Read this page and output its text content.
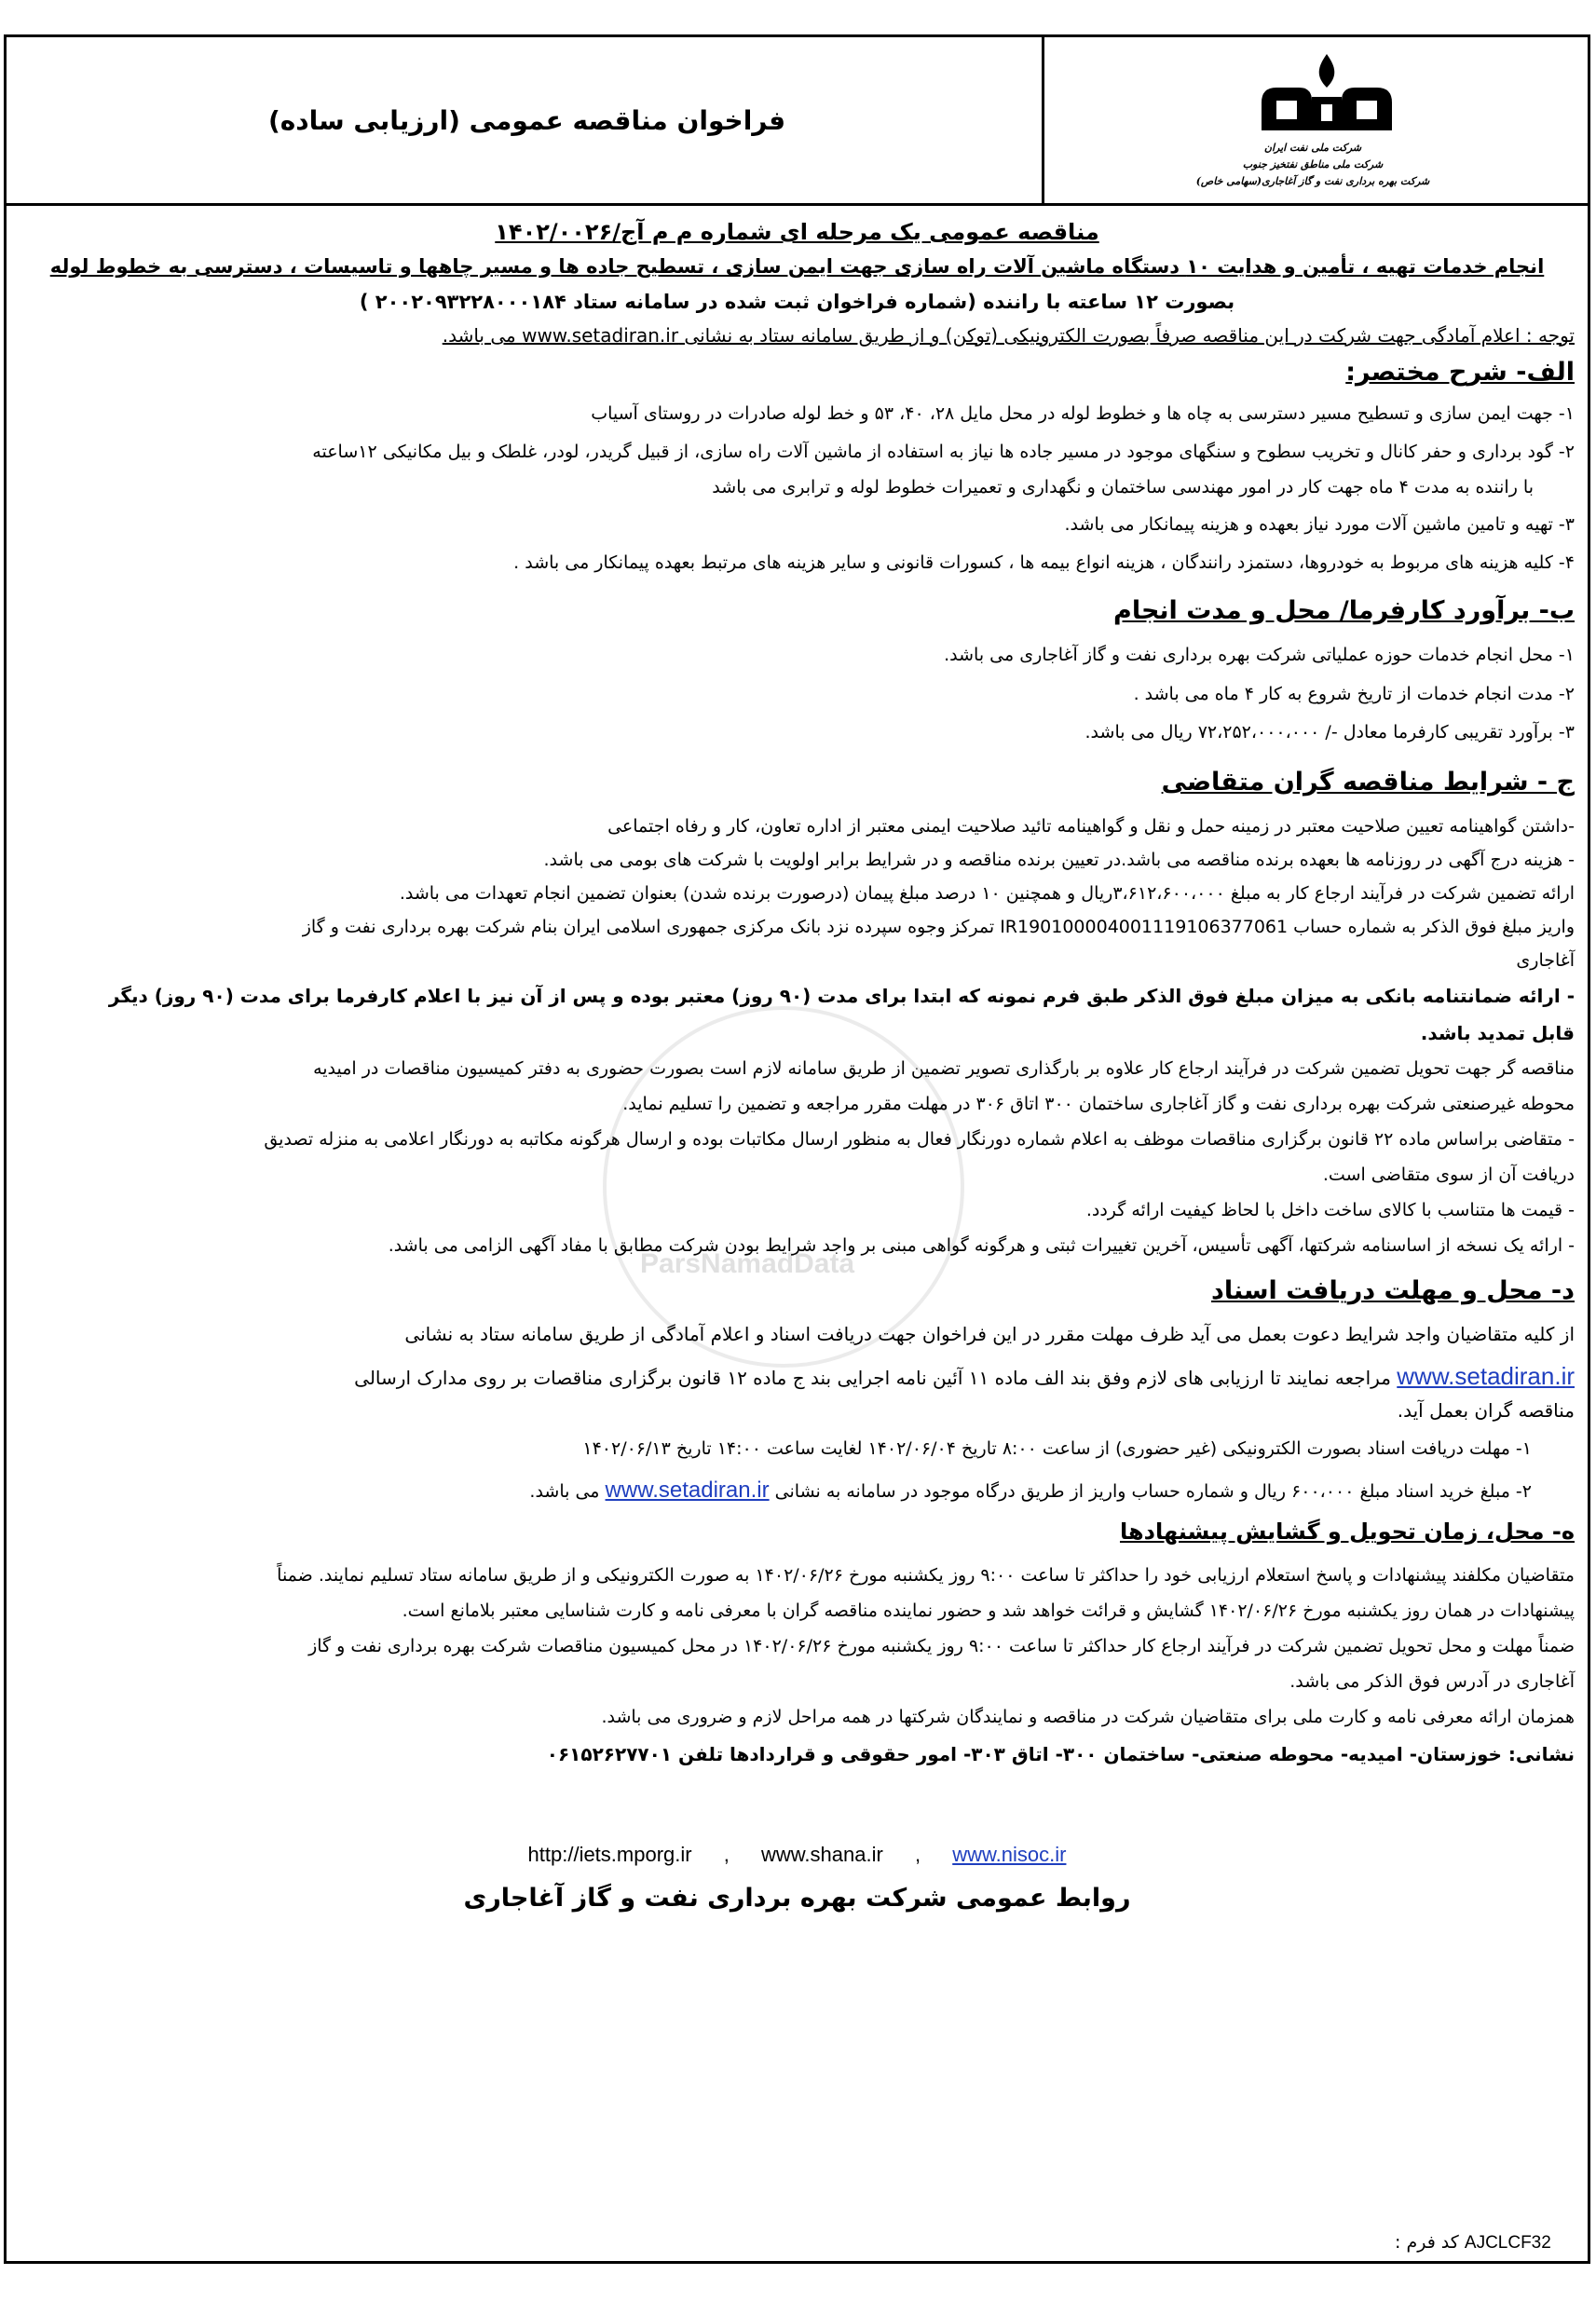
شرکت ملی نفت ایران
شرکت ملی مناطق نفتخیز جنوب
شرکت بهره برداری نفت و گاز آغاجاری(سهامی خاص)
فراخوان مناقصه عمومی (ارزیابی ساده)
ParsNamadData
مناقصه عمومی یک مرحله ای شماره م م آج/۱۴۰۲/۰۰۲۶
انجام خدمات تهیه ، تأمین و هدایت ۱۰ دستگاه ماشین آلات راه سازی جهت ایمن سازی ، تسطیح جاده ها و مسیر چاهها و تاسیسات ، دسترسی به خطوط لوله
بصورت ۱۲ ساعته با راننده (شماره فراخوان ثبت شده در سامانه ستاد ۲۰۰۲۰۹۳۲۲۸۰۰۰۱۸۴ )
توجه : اعلام آمادگی جهت شرکت در این مناقصه صرفاً بصورت الکترونیکی (توکن) و از طریق سامانه ستاد به نشانی www.setadiran.ir می باشد.
الف- شرح مختصر:
۱- جهت ایمن سازی و تسطیح مسیر دسترسی به چاه ها و خطوط لوله در محل مایل ۲۸، ۴۰، ۵۳ و خط لوله صادرات در روستای آسیاب
۲- گود برداری و حفر کانال و تخریب سطوح و سنگهای موجود در مسیر جاده ها نیاز به استفاده از ماشین آلات راه سازی، از قبیل گریدر، لودر، غلطک و بیل مکانیکی ۱۲ساعته
با راننده به مدت ۴ ماه جهت کار در امور مهندسی ساختمان و نگهداری و تعمیرات خطوط لوله و ترابری می باشد
۳- تهیه و تامین ماشین آلات مورد نیاز بعهده و هزینه پیمانکار می باشد.
۴- کلیه هزینه های مربوط به خودروها، دستمزد رانندگان ، هزینه انواع بیمه ها ، کسورات قانونی و سایر هزینه های مرتبط بعهده پیمانکار می باشد .
ب- برآورد کارفرما/ محل و مدت انجام
۱- محل انجام خدمات حوزه عملیاتی شرکت بهره برداری نفت و گاز آغاجاری می باشد.
۲- مدت انجام خدمات از تاریخ شروع به کار ۴ ماه می باشد .
۳- برآورد تقریبی کارفرما معادل -/ ۷۲،۲۵۲،۰۰۰،۰۰۰ ریال می باشد.
ج - شرایط مناقصه گران متقاضی
-داشتن گواهینامه تعیین صلاحیت معتبر در زمینه حمل و نقل و گواهینامه تائید صلاحیت ایمنی معتبر از اداره تعاون، کار و رفاه اجتماعی
- هزینه درج آگهی در روزنامه ها بعهده برنده مناقصه می باشد.در تعیین برنده مناقصه و در شرایط برابر اولویت با شرکت های بومی می باشد.
ارائه تضمین شرکت در فرآیند ارجاع کار به مبلغ ۳،۶۱۲،۶۰۰،۰۰۰ریال و همچنین ۱۰ درصد مبلغ پیمان (درصورت برنده شدن) بعنوان تضمین انجام تعهدات می باشد.
واریز مبلغ فوق الذکر به شماره حساب IR190100004001119106377061 تمرکز وجوه سپرده نزد بانک مرکزی جمهوری اسلامی ایران بنام شرکت بهره برداری نفت و گاز
آغاجاری
- ارائه ضمانتنامه بانکی به میزان مبلغ فوق الذکر طبق فرم نمونه که ابتدا برای مدت (۹۰ روز) معتبر بوده و پس از آن نیز با اعلام کارفرما برای مدت (۹۰ روز) دیگر
قابل تمدید باشد.
مناقصه گر جهت تحویل تضمین شرکت در فرآیند ارجاع کار علاوه بر بارگذاری تصویر تضمین از طریق سامانه لازم است بصورت حضوری به دفتر کمیسیون مناقصات در امیدیه
محوطه غیرصنعتی شرکت بهره برداری نفت و گاز آغاجاری ساختمان ۳۰۰ اتاق ۳۰۶ در مهلت مقرر مراجعه و تضمین را تسلیم نماید.
- متقاضی براساس ماده ۲۲ قانون برگزاری مناقصات موظف به اعلام شماره دورنگار فعال به منظور ارسال مکاتبات بوده و ارسال هرگونه مکاتبه به دورنگار اعلامی به منزله تصدیق
دریافت آن از سوی متقاضی است.
- قیمت ها متناسب با کالای ساخت داخل با لحاظ کیفیت ارائه گردد.
- ارائه یک نسخه از اساسنامه شرکتها، آگهی تأسیس، آخرین تغییرات ثبتی و هرگونه گواهی مبنی بر واجد شرایط بودن شرکت مطابق با مفاد آگهی الزامی می باشد.
د- محل و مهلت دریافت اسناد
از کلیه متقاضیان واجد شرایط دعوت بعمل می آید ظرف مهلت مقرر در این فراخوان جهت دریافت اسناد و اعلام آمادگی از طریق سامانه ستاد به نشانی
www.setadiran.ir مراجعه نمایند تا ارزیابی های لازم وفق بند الف ماده ۱۱ آئین نامه اجرایی بند ج ماده ۱۲ قانون برگزاری مناقصات بر روی مدارک ارسالی
مناقصه گران بعمل آید.
۱- مهلت دریافت اسناد بصورت الکترونیکی (غیر حضوری) از ساعت ۸:۰۰ تاریخ ۱۴۰۲/۰۶/۰۴ لغایت ساعت ۱۴:۰۰ تاریخ ۱۴۰۲/۰۶/۱۳
۲- مبلغ خرید اسناد مبلغ ۶۰۰،۰۰۰ ریال و شماره حساب واریز از طریق درگاه موجود در سامانه به نشانی www.setadiran.ir می باشد.
ه- محل، زمان تحویل و گشایش پیشنهادها
متقاضیان مکلفند پیشنهادات و پاسخ استعلام ارزیابی خود را حداکثر تا ساعت ۹:۰۰ روز یکشنبه مورخ ۱۴۰۲/۰۶/۲۶ به صورت الکترونیکی و از طریق سامانه ستاد تسلیم نمایند. ضمناً
پیشنهادات در همان روز یکشنبه مورخ ۱۴۰۲/۰۶/۲۶ گشایش و قرائت خواهد شد و حضور نماینده مناقصه گران با معرفی نامه و کارت شناسایی معتبر بلامانع است.
ضمناً مهلت و محل تحویل تضمین شرکت در فرآیند ارجاع کار حداکثر تا ساعت ۹:۰۰ روز یکشنبه مورخ ۱۴۰۲/۰۶/۲۶ در محل کمیسیون مناقصات شرکت بهره برداری نفت و گاز
آغاجاری در آدرس فوق الذکر می باشد.
همزمان ارائه معرفی نامه و کارت ملی برای متقاضیان شرکت در مناقصه و نمایندگان شرکتها در همه مراحل لازم و ضروری می باشد.
نشانی: خوزستان- امیدیه- محوطه صنعتی- ساختمان ۳۰۰- اتاق ۳۰۳- امور حقوقی و قراردادها تلفن ۰۶۱۵۲۶۲۷۷۰۱
http://iets.mporg.ir , www.shana.ir , www.nisoc.ir
روابط عمومی شرکت بهره برداری نفت و گاز آغاجاری
AJCLCF32 کد فرم :
